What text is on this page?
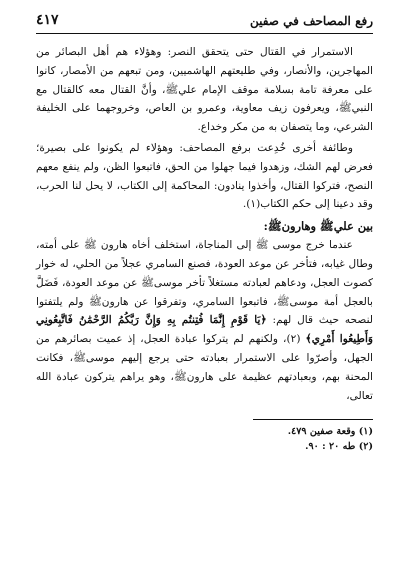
رفع المصاحف في صفين
٤١٧

الاستمرار في القتال حتى يتحقق النصر: وهؤلاء هم أهل البصائر من المهاجرين، والأنصار، وفي طليعتهم الهاشميين، ومن تبعهم من الأمصار، كانوا على معرفة تامة بسلامة موقف الإمام عليﷺ، وأنَّ القتال معه كالقتال مع النبيﷺ، ويعرفون زيف معاوية، وعمرو بن العاص، وخروجهما على الخليفة الشرعي، وما يتصفان به من مكر وخداع.

وطائفة أخرى خُدِعت برفع المصاحف: وهؤلاء لم يكونوا على بصيرة؛ فعرض لهم الشك، وزهدوا فيما جهلوا من الحق، فاتبعوا الظن، ولم ينفع معهم النصح، فتركوا القتال، وأخذوا ينادون: المحاكمة إلى الكتاب، لا يحل لنا الحرب، وقد دعينا إلى حكم الكتاب(١).

بين عليﷺ وهارونﷺ:

عندما خرج موسى ﷺ إلى المناجاة، استخلف أخاه هارون ﷺ على أمته، وطال غيابه، فتأخر عن موعد العودة، فصنع السامري عجلاً من الحلي، له خوار كصوت العجل، ودعاهم لعبادته مستغلاً تأخر موسىﷺ عن موعد العودة، فَضَلَّ بالعجل أمة موسىﷺ، فاتبعوا السامري، وتفرقوا عن هارونﷺ ولم يلتفتوا لنصحه حيث قال لهم: ﴿يَا قَوْمِ إِنَّمَا فُتِنتُم بِهِ وَإِنَّ رَبَّكُمُ الرَّحْمَٰنُ فَاتَّبِعُونِي وَأَطِيعُوا أَمْرِي﴾ (٢)، ولكنهم لم يتركوا عبادة العجل، إذ عميت بصائرهم من الجهل، وأصرّوا على الاستمرار بعبادته حتى يرجع إليهم موسىﷺ، فكانت المحنة بهم، وبعبادتهم عظيمة على هارونﷺ، وهو يراهم يتركون عبادة الله تعالى،

(١) وقعة صفين ٤٧٩.

(٢) طه ٢٠ : ٩٠.
